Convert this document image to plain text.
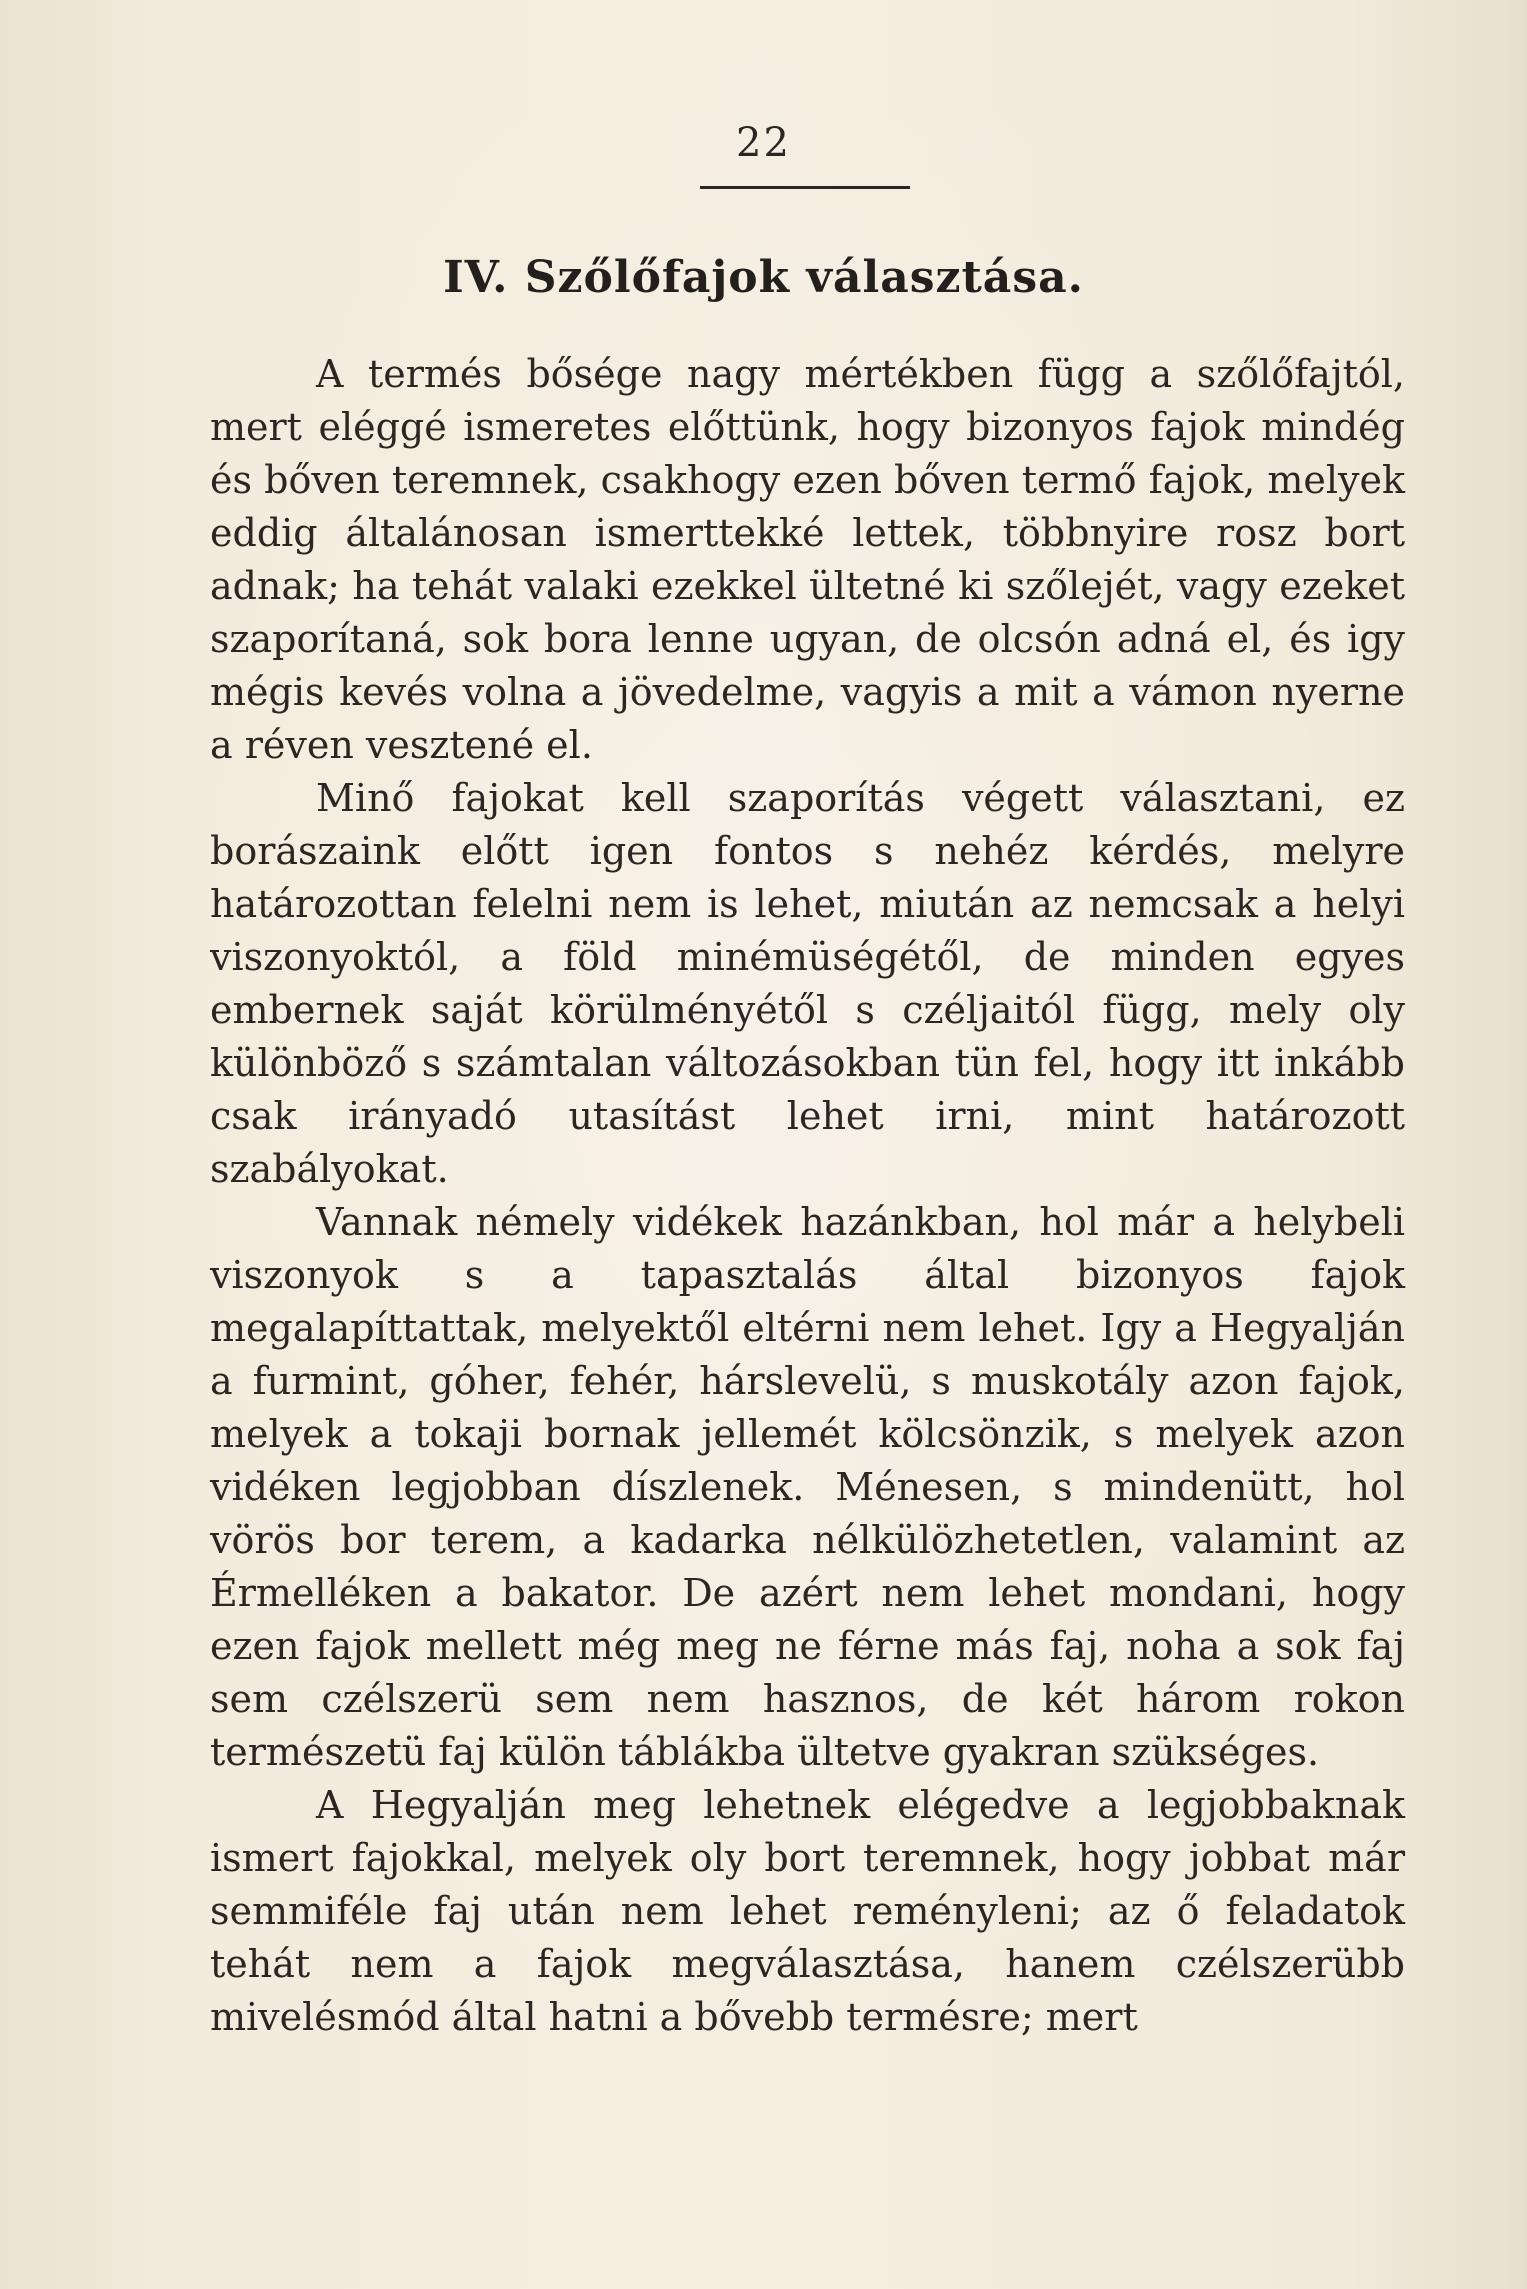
22
IV. Szőlőfajok választása.

A termés bősége nagy mértékben függ a szőlőfajtól, mert eléggé ismeretes előttünk, hogy bizonyos fajok mindég és bőven teremnek, csakhogy ezen bőven termő fajok, melyek eddig általánosan ismerttekké lettek, többnyire rosz bort adnak; ha tehát valaki ezekkel ültetné ki szőlejét, vagy ezeket szaporítaná, sok bora lenne ugyan, de olcsón adná el, és igy mégis kevés volna a jövedelme, vagyis a mit a vámon nyerne a réven vesztené el.

Minő fajokat kell szaporítás végett választani, ez borászaink előtt igen fontos s nehéz kérdés, melyre határozottan felelni nem is lehet, miután az nemcsak a helyi viszonyoktól, a föld minémüségétől, de minden egyes embernek saját körülményétől s czéljaitól függ, mely oly különböző s számtalan változásokban tün fel, hogy itt inkább csak irányadó utasítást lehet irni, mint határozott szabályokat.

Vannak némely vidékek hazánkban, hol már a helybeli viszonyok s a tapasztalás által bizonyos fajok megalapíttattak, melyektől eltérni nem lehet. Igy a Hegyalján a furmint, góher, fehér, hárslevelü, s muskotály azon fajok, melyek a tokaji bornak jellemét kölcsönzik, s melyek azon vidéken legjobban díszlenek. Ménesen, s mindenütt, hol vörös bor terem, a kadarka nélkülözhetetlen, valamint az Érmelléken a bakator. De azért nem lehet mondani, hogy ezen fajok mellett még meg ne férne más faj, noha a sok faj sem czélszerü sem nem hasznos, de két három rokon természetü faj külön táblákba ültetve gyakran szükséges.

A Hegyalján meg lehetnek elégedve a legjobbaknak ismert fajokkal, melyek oly bort teremnek, hogy jobbat már semmiféle faj után nem lehet reményleni; az ő feladatok tehát nem a fajok megválasztása, hanem czélszerübb mivelésmód által hatni a bővebb termésre; mert
